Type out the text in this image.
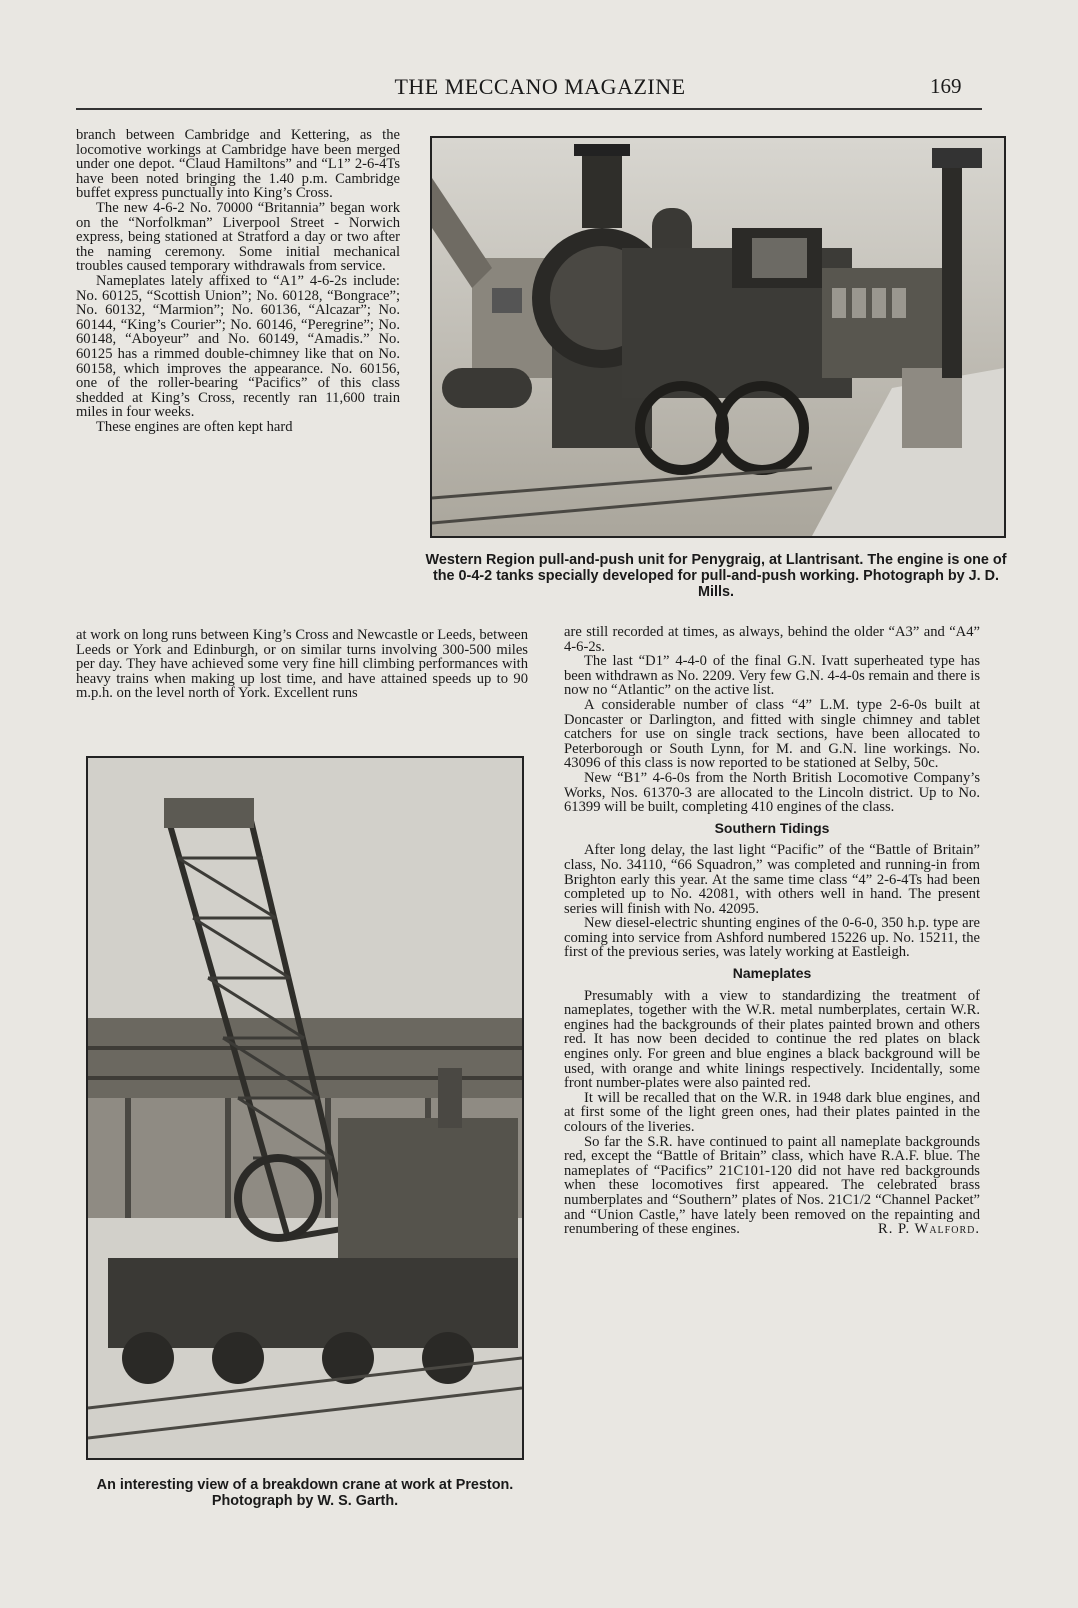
THE MECCANO MAGAZINE	169

branch between Cambridge and Kettering, as the locomotive workings at Cambridge have been merged under one depot. “Claud Hamiltons” and “L1” 2-6-4Ts have been noted bringing the 1.40 p.m. Cambridge buffet express punctually into King’s Cross.

The new 4-6-2 No. 70000 “Britannia” began work on the “Norfolkman” Liverpool Street - Norwich express, being stationed at Stratford a day or two after the naming ceremony. Some initial mechanical troubles caused temporary withdrawals from service.

Nameplates lately affixed to “A1” 4-6-2s include: No. 60125, “Scottish Union”; No. 60128, “Bongrace”; No. 60132, “Marmion”; No. 60136, “Alcazar”; No. 60144, “King’s Courier”; No. 60146, “Peregrine”; No. 60148, “Aboyeur” and No. 60149, “Amadis.” No. 60125 has a rimmed double-chimney like that on No. 60158, which improves the appearance. No. 60156, one of the roller-bearing “Pacifics” of this class shedded at King’s Cross, recently ran 11,600 train miles in four weeks.

These engines are often kept hard

at work on long runs between King’s Cross and Newcastle or Leeds, between Leeds or York and Edinburgh, or on similar turns involving 300-500 miles per day. They have achieved some very fine hill climbing performances with heavy trains when making up lost time, and have attained speeds up to 90 m.p.h. on the level north of York. Excellent runs

Western Region pull-and-push unit for Penygraig, at Llantrisant. The engine is one of the 0-4-2 tanks specially developed for pull-and-push working. Photograph by J. D. Mills.
An interesting view of a breakdown crane at work at Preston. Photograph by W. S. Garth.

are still recorded at times, as always, behind the older “A3” and “A4” 4-6-2s.

The last “D1” 4-4-0 of the final G.N. Ivatt superheated type has been withdrawn as No. 2209. Very few G.N. 4-4-0s remain and there is now no “Atlantic” on the active list.

A considerable number of class “4” L.M. type 2-6-0s built at Doncaster or Darlington, and fitted with single chimney and tablet catchers for use on single track sections, have been allocated to Peterborough or South Lynn, for M. and G.N. line workings. No. 43096 of this class is now reported to be stationed at Selby, 50c.

New “B1” 4-6-0s from the North British Locomotive Company’s Works, Nos. 61370-3 are allocated to the Lincoln district. Up to No. 61399 will be built, completing 410 engines of the class.

Southern Tidings

After long delay, the last light “Pacific” of the “Battle of Britain” class, No. 34110, “66 Squadron,” was completed and running-in from Brighton early this year. At the same time class “4” 2-6-4Ts had been completed up to No. 42081, with others well in hand. The present series will finish with No. 42095.

New diesel-electric shunting engines of the 0-6-0, 350 h.p. type are coming into service from Ashford numbered 15226 up. No. 15211, the first of the previous series, was lately working at Eastleigh.

Nameplates

Presumably with a view to standardizing the treatment of nameplates, together with the W.R. metal numberplates, certain W.R. engines had the backgrounds of their plates painted brown and others red. It has now been decided to continue the red plates on black engines only. For green and blue engines a black background will be used, with orange and white linings respectively. Incidentally, some front number-plates were also painted red.

It will be recalled that on the W.R. in 1948 dark blue engines, and at first some of the light green ones, had their plates painted in the colours of the liveries.

So far the S.R. have continued to paint all nameplate backgrounds red, except the “Battle of Britain” class, which have R.A.F. blue. The nameplates of “Pacifics” 21C101-120 did not have red backgrounds when these locomotives first appeared. The celebrated brass numberplates and “Southern” plates of Nos. 21C1/2 “Channel Packet” and “Union Castle,” have lately been removed on the repainting and renumbering of these engines.	R. P. Walford.
